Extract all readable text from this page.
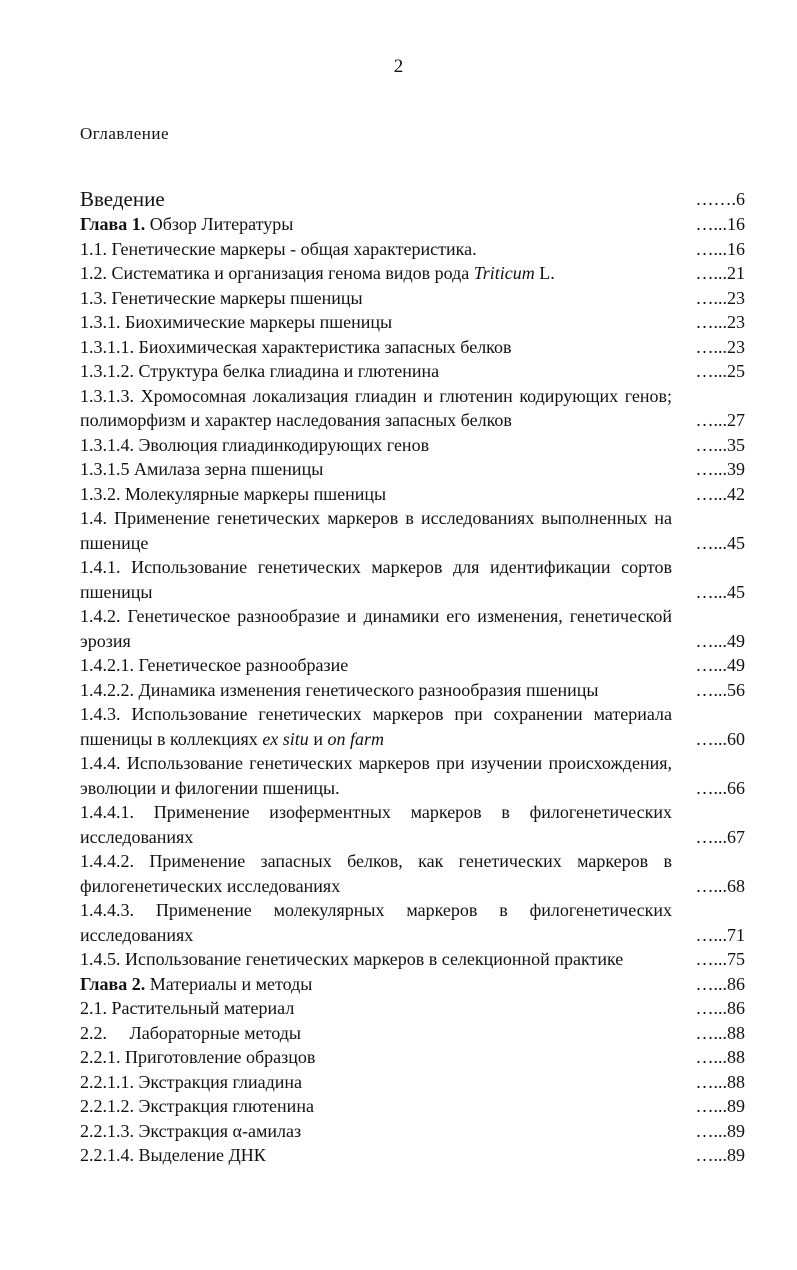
2
Оглавление
Введение	…….6
Глава 1. Обзор Литературы	…...16
1.1. Генетические маркеры - общая характеристика.	…...16
1.2. Систематика и организация генома видов рода Triticum L.	…...21
1.3. Генетические маркеры пшеницы	…...23
1.3.1. Биохимические маркеры пшеницы	…...23
1.3.1.1. Биохимическая характеристика запасных белков	…...23
1.3.1.2. Структура белка глиадина и глютенина	…...25
1.3.1.3. Хромосомная локализация глиадин и глютенин кодирующих генов; полиморфизм и характер наследования запасных белков	…...27
1.3.1.4. Эволюция глиадинкодирующих генов	…...35
1.3.1.5 Амилаза зерна пшеницы	…...39
1.3.2. Молекулярные маркеры пшеницы	…...42
1.4. Применение генетических маркеров в исследованиях выполненных на пшенице	…...45
1.4.1. Использование генетических маркеров для идентификации сортов пшеницы	…...45
1.4.2. Генетическое разнообразие и динамики его изменения, генетической эрозия	…...49
1.4.2.1. Генетическое разнообразие	…...49
1.4.2.2. Динамика изменения генетического разнообразия пшеницы	…...56
1.4.3. Использование генетических маркеров при сохранении материала пшеницы в коллекциях ex situ и on farm	…...60
1.4.4. Использование генетических маркеров при изучении происхождения, эволюции и филогении пшеницы.	…...66
1.4.4.1. Применение изоферментных маркеров в филогенетических исследованиях	…...67
1.4.4.2. Применение запасных белков, как генетических маркеров в филогенетических исследованиях	…...68
1.4.4.3. Применение молекулярных маркеров в филогенетических исследованиях	…...71
1.4.5. Использование генетических маркеров в селекционной практике	…...75
Глава 2. Материалы и методы	…...86
2.1. Растительный материал	…...86
2.2.     Лабораторные методы	…...88
2.2.1. Приготовление образцов	…...88
2.2.1.1. Экстракция глиадина	…...88
2.2.1.2. Экстракция глютенина	…...89
2.2.1.3. Экстракция α-амилаз	…...89
2.2.1.4. Выделение ДНК	…...89
